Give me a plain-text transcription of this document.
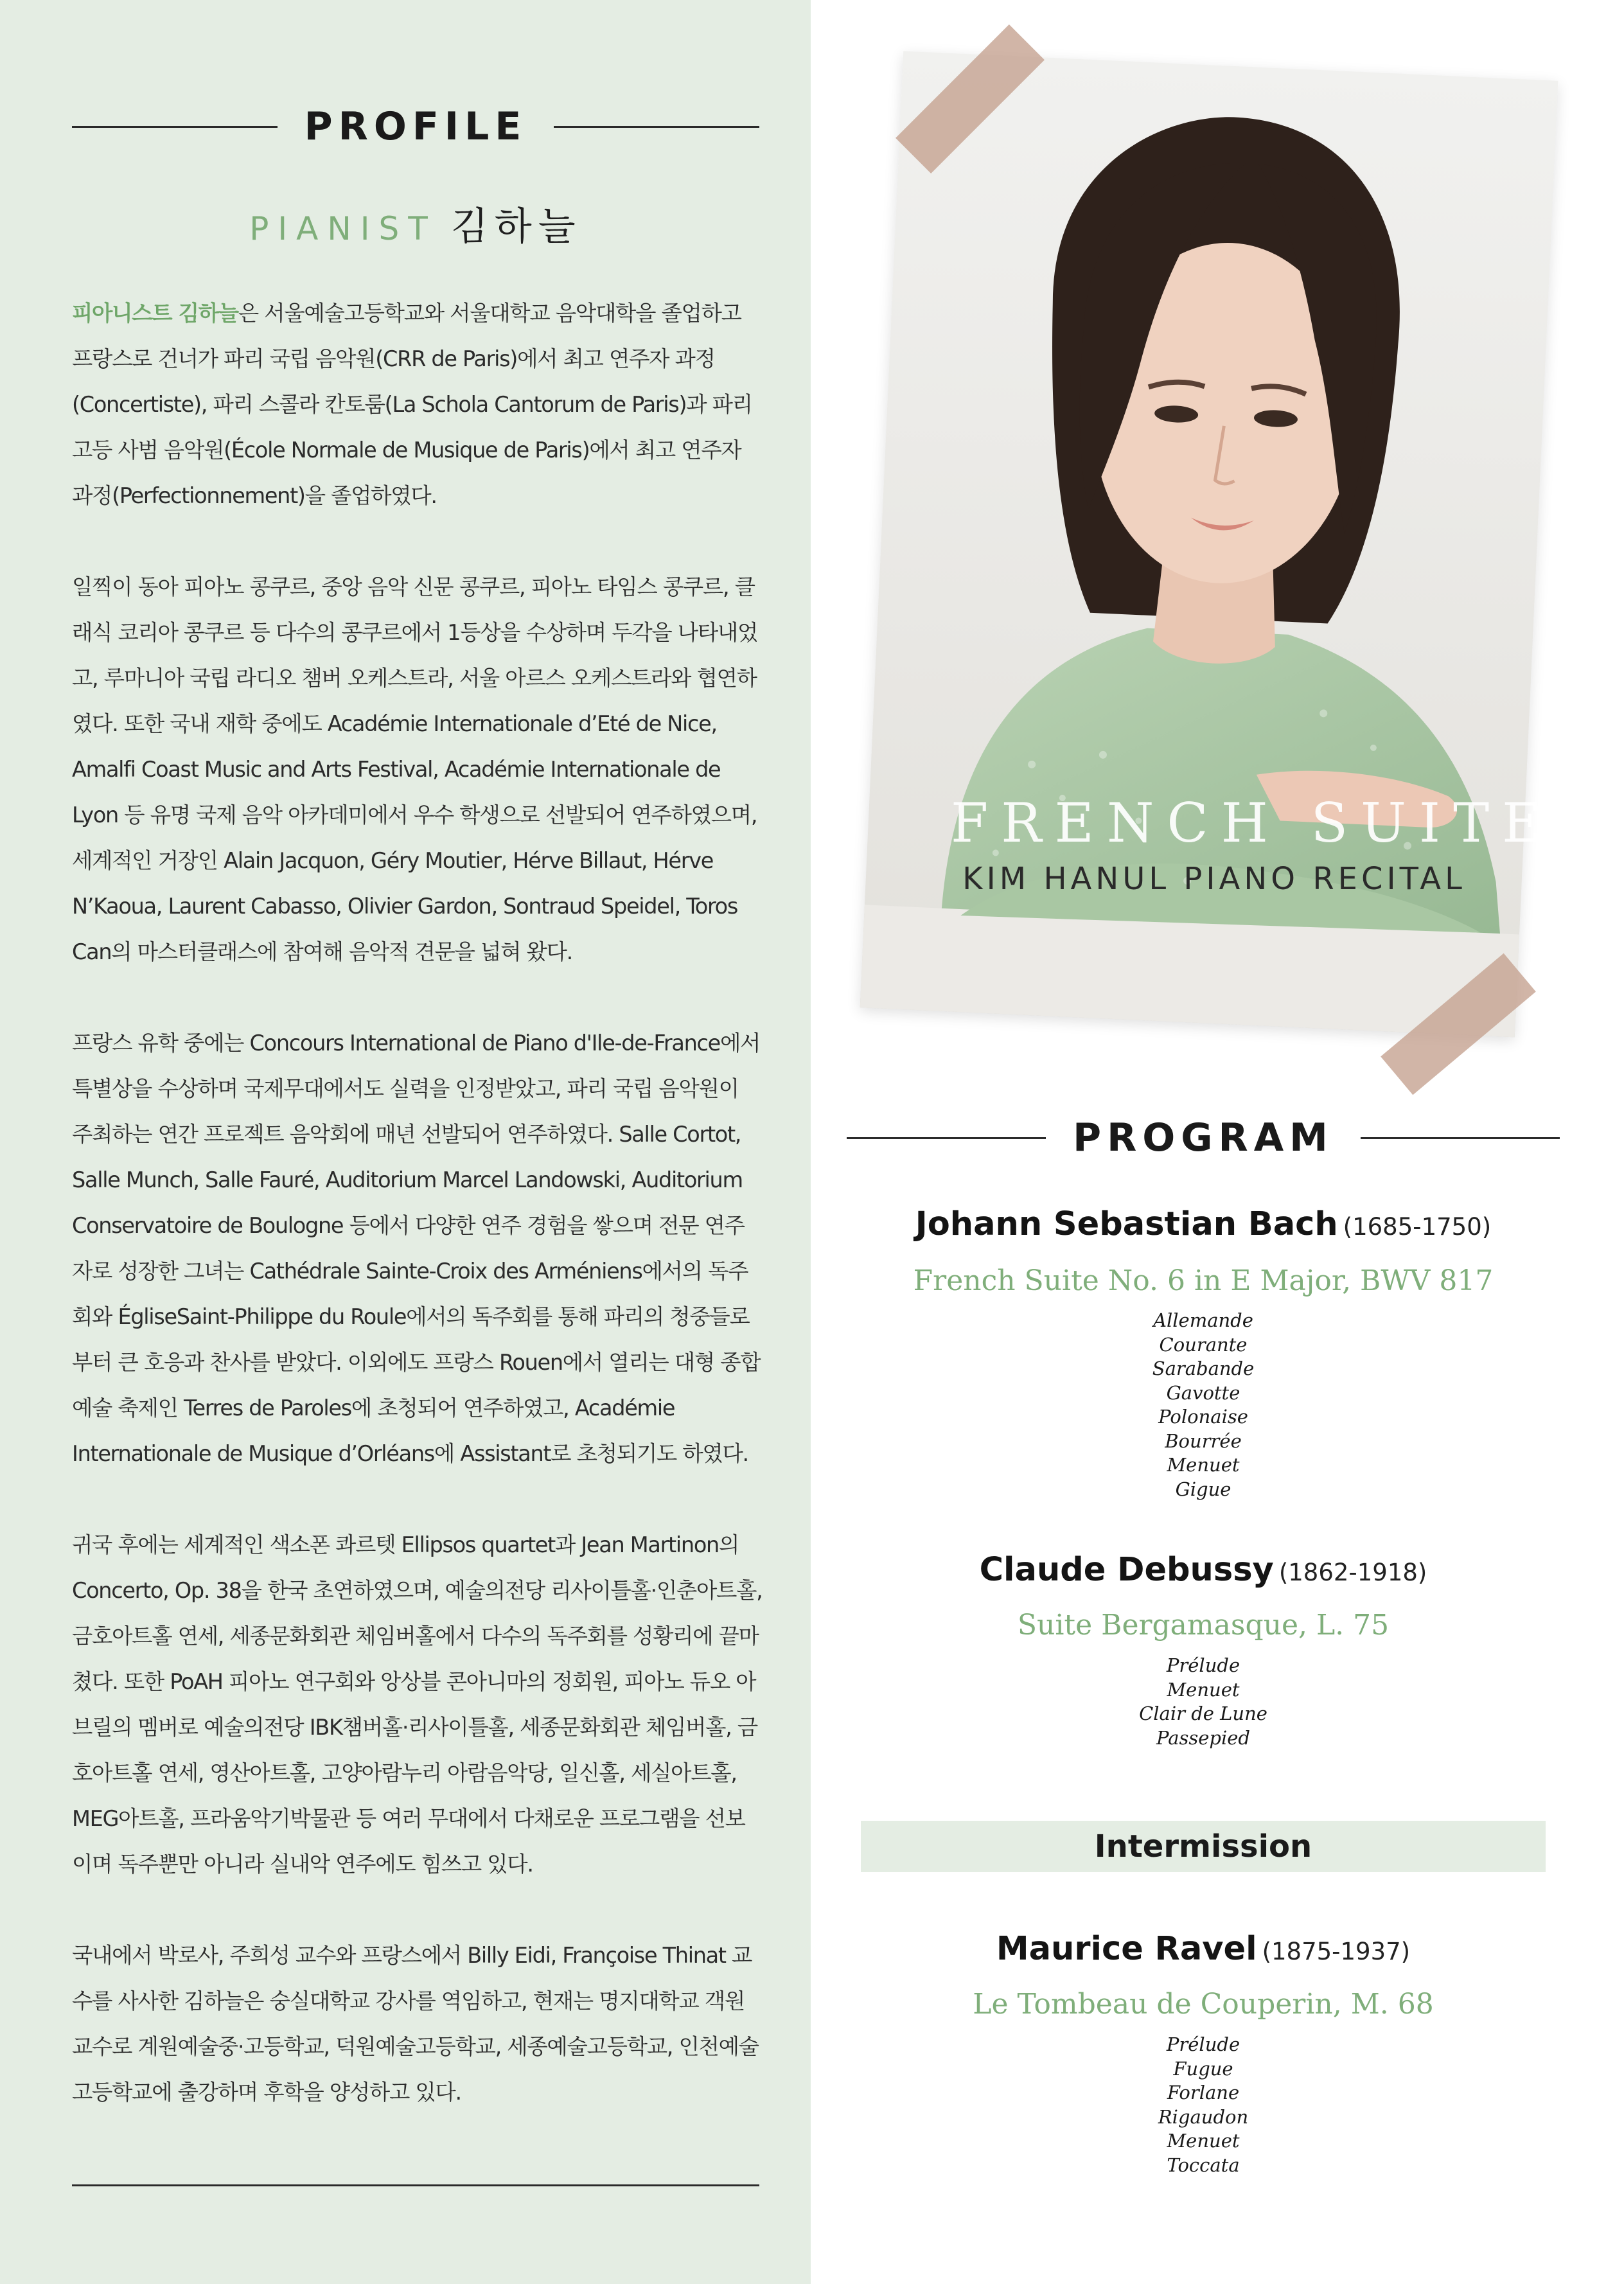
PROFILE
PIANIST 김하늘

피아니스트 김하늘은 서울예술고등학교와 서울대학교 음악대학을 졸업하고 프랑스로 건너가 파리 국립 음악원(CRR de Paris)에서 최고 연주자 과정(Concertiste), 파리 스콜라 칸토룸(La Schola Cantorum de Paris)과 파리 고등 사범 음악원(École Normale de Musique de Paris)에서 최고 연주자 과정(Perfectionnement)을 졸업하였다.

일찍이 동아 피아노 콩쿠르, 중앙 음악 신문 콩쿠르, 피아노 타임스 콩쿠르, 클래식 코리아 콩쿠르 등 다수의 콩쿠르에서 1등상을 수상하며 두각을 나타내었고, 루마니아 국립 라디오 챔버 오케스트라, 서울 아르스 오케스트라와 협연하였다. 또한 국내 재학 중에도 Académie Internationale d’Eté de Nice, Amalfi Coast Music and Arts Festival, Académie Internationale de Lyon 등 유명 국제 음악 아카데미에서 우수 학생으로 선발되어 연주하였으며, 세계적인 거장인 Alain Jacquon, Géry Moutier, Hérve Billaut, Hérve N’Kaoua, Laurent Cabasso, Olivier Gardon, Sontraud Speidel, Toros Can의 마스터클래스에 참여해 음악적 견문을 넓혀 왔다.

프랑스 유학 중에는 Concours International de Piano d'Ile-de-France에서 특별상을 수상하며 국제무대에서도 실력을 인정받았고, 파리 국립 음악원이 주최하는 연간 프로젝트 음악회에 매년 선발되어 연주하였다. Salle Cortot, Salle Munch, Salle Fauré, Auditorium Marcel Landowski, Auditorium Conservatoire de Boulogne 등에서 다양한 연주 경험을 쌓으며 전문 연주자로 성장한 그녀는 Cathédrale Sainte-Croix des Arméniens에서의 독주회와 ÉgliseSaint-Philippe du Roule에서의 독주회를 통해 파리의 청중들로부터 큰 호응과 찬사를 받았다. 이외에도 프랑스 Rouen에서 열리는 대형 종합 예술 축제인 Terres de Paroles에 초청되어 연주하였고, Académie Internationale de Musique d’Orléans에 Assistant로 초청되기도 하였다.

귀국 후에는 세계적인 색소폰 콰르텟 Ellipsos quartet과 Jean Martinon의 Concerto, Op. 38을 한국 초연하였으며, 예술의전당 리사이틀홀·인춘아트홀, 금호아트홀 연세, 세종문화회관 체임버홀에서 다수의 독주회를 성황리에 끝마쳤다. 또한 PoAH 피아노 연구회와 앙상블 콘아니마의 정회원, 피아노 듀오 아브릴의 멤버로 예술의전당 IBK챔버홀·리사이틀홀, 세종문화회관 체임버홀, 금호아트홀 연세, 영산아트홀, 고양아람누리 아람음악당, 일신홀, 세실아트홀, MEG아트홀, 프라움악기박물관 등 여러 무대에서 다채로운 프로그램을 선보이며 독주뿐만 아니라 실내악 연주에도 힘쓰고 있다.

국내에서 박로사, 주희성 교수와 프랑스에서 Billy Eidi, Françoise Thinat 교수를 사사한 김하늘은 숭실대학교 강사를 역임하고, 현재는 명지대학교 객원교수로 계원예술중·고등학교, 덕원예술고등학교, 세종예술고등학교, 인천예술고등학교에 출강하며 후학을 양성하고 있다.

FRENCH SUITE
KIM HANUL PIANO RECITAL
PROGRAM
Johann Sebastian Bach (1685-1750)
French Suite No. 6 in E Major, BWV 817
Allemande
Courante
Sarabande
Gavotte
Polonaise
Bourrée
Menuet
Gigue
Claude Debussy (1862-1918)
Suite Bergamasque, L. 75
Prélude
Menuet
Clair de Lune
Passepied
Intermission
Maurice Ravel (1875-1937)
Le Tombeau de Couperin, M. 68
Prélude
Fugue
Forlane
Rigaudon
Menuet
Toccata
